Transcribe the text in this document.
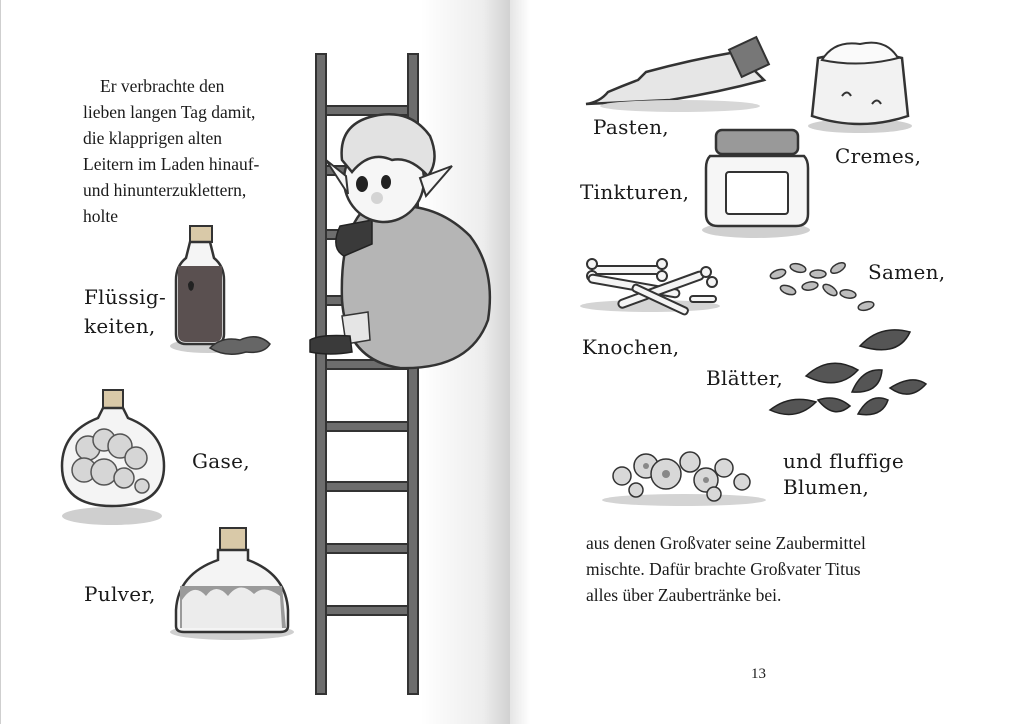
Er verbrachte den
lieben langen Tag damit,
die klapprigen alten
Leitern im Laden hinauf-
und hinunterzuklettern,
holte
Flüssig-
keiten,
Gase,
Pulver,
Pasten,
Cremes,
Tinkturen,
Samen,
Knochen,
Blätter,
und fluffige
Blumen,
aus denen Großvater seine Zaubermittel
mischte. Dafür brachte Großvater Titus
alles über Zaubertränke bei.
13
